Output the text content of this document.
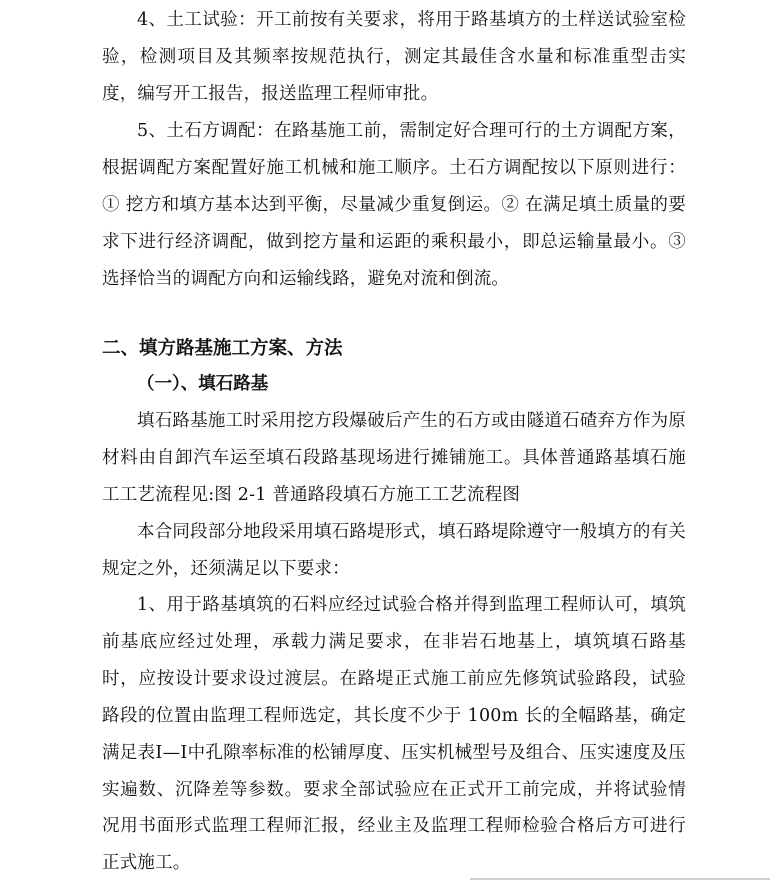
4、土工试验：开工前按有关要求，将用于路基填方的土样送试验室检验，检测项目及其频率按规范执行，测定其最佳含水量和标准重型击实度，编写开工报告，报送监理工程师审批。

5、土石方调配：在路基施工前，需制定好合理可行的土方调配方案，根据调配方案配置好施工机械和施工顺序。土石方调配按以下原则进行：① 挖方和填方基本达到平衡，尽量减少重复倒运。② 在满足填土质量的要求下进行经济调配，做到挖方量和运距的乘积最小，即总运输量最小。③ 选择恰当的调配方向和运输线路，避免对流和倒流。

二、填方路基施工方案、方法
（一）、填石路基

填石路基施工时采用挖方段爆破后产生的石方或由隧道石碴弃方作为原材料由自卸汽车运至填石段路基现场进行摊铺施工。具体普通路基填石施工工艺流程见:图 2-1 普通路段填石方施工工艺流程图

本合同段部分地段采用填石路堤形式，填石路堤除遵守一般填方的有关规定之外，还须满足以下要求：

1、用于路基填筑的石料应经过试验合格并得到监理工程师认可，填筑前基底应经过处理，承载力满足要求，在非岩石地基上，填筑填石路基时，应按设计要求设过渡层。在路堤正式施工前应先修筑试验路段，试验路段的位置由监理工程师选定，其长度不少于 100m 长的全幅路基，确定满足表Ⅰ—Ⅰ中孔隙率标准的松铺厚度、压实机械型号及组合、压实速度及压实遍数、沉降差等参数。要求全部试验应在正式开工前完成，并将试验情况用书面形式监理工程师汇报，经业主及监理工程师检验合格后方可进行正式施工。
